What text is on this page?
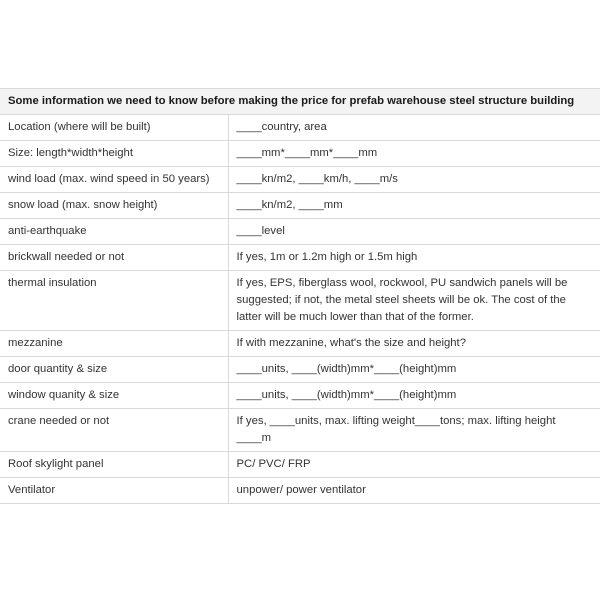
Some information we need to know before making the price for prefab warehouse steel structure building	
Location (where will be built)	____country, area
Size: length*width*height	____mm*____mm*____mm
wind load (max. wind speed in 50 years)	____kn/m2, ____km/h, ____m/s
snow load (max. snow height)	____kn/m2, ____mm
anti-earthquake	____level
brickwall needed or not	If yes, 1m or 1.2m high or 1.5m high
thermal insulation	If yes, EPS, fiberglass wool, rockwool, PU sandwich panels will be suggested; if not, the metal steel sheets will be ok. The cost of the latter will be much lower than that of the former.
mezzanine	If with mezzanine, what's the size and height?
door quantity & size	____units, ____(width)mm*____(height)mm
window quanity & size	____units, ____(width)mm*____(height)mm
crane needed or not	If yes, ____units, max. lifting weight____tons; max. lifting height ____m
Roof skylight panel	PC/ PVC/ FRP
Ventilator	unpower/ power ventilator
